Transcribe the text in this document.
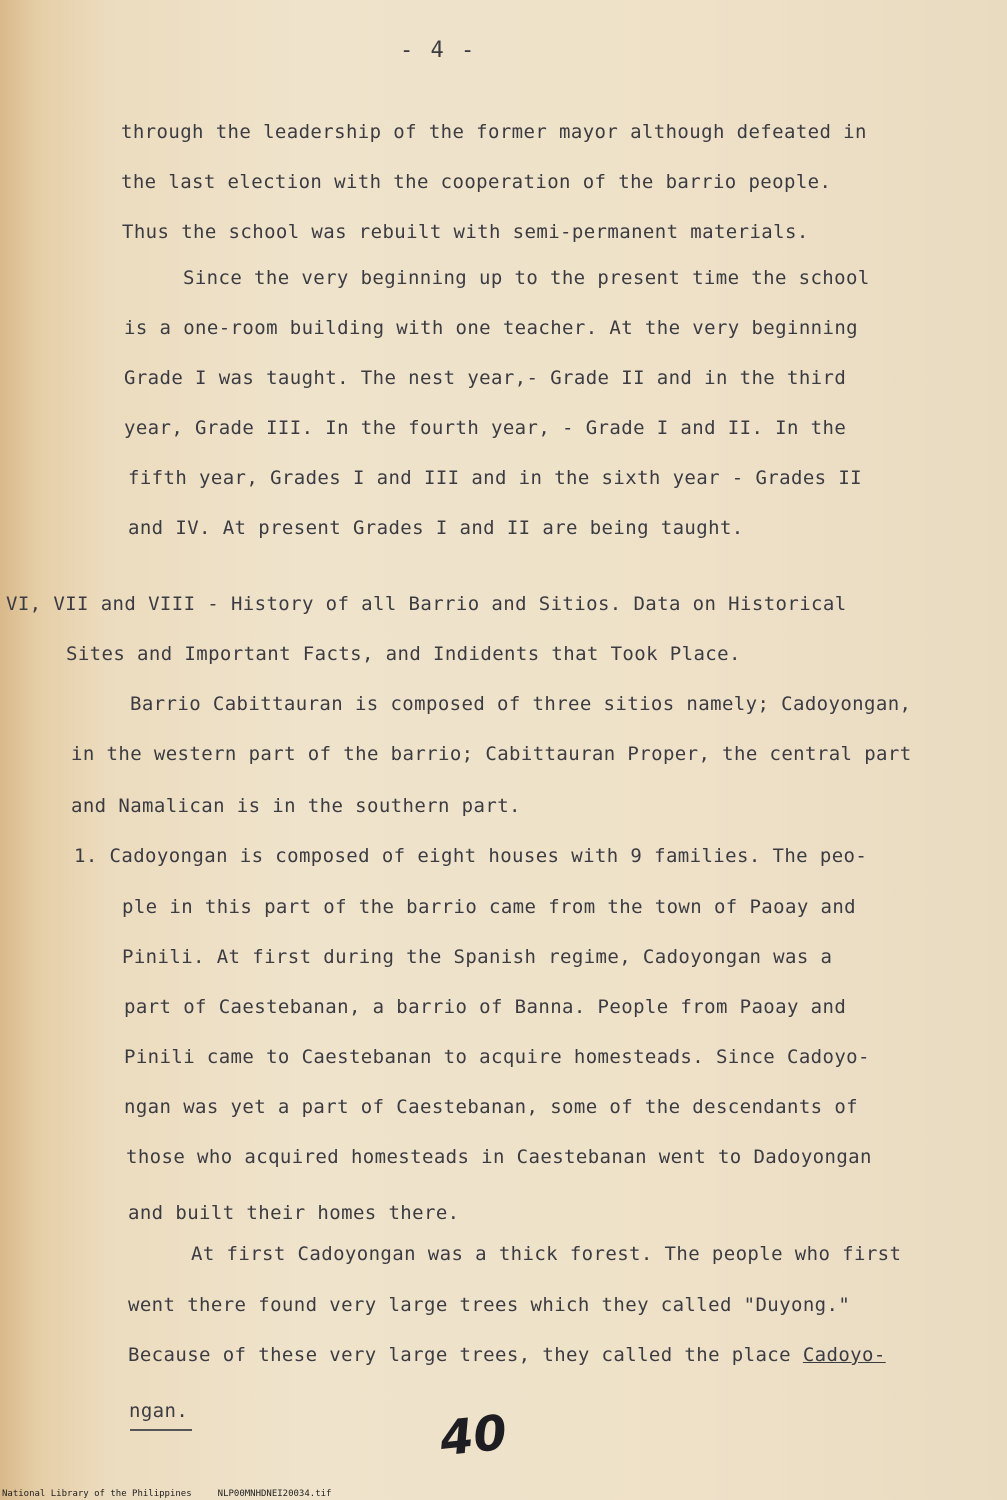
- 4 -
through the leadership of the former mayor although defeated in
the last election with the cooperation of the barrio people.
Thus the school was rebuilt with semi-permanent materials.
Since the very beginning up to the present time the school
is a one-room building with one teacher. At the very beginning
Grade I was taught. The nest year,- Grade II and in the third
year, Grade III. In the fourth year, - Grade I and II. In the
fifth year, Grades I and III and in the sixth year - Grades II
and IV. At present Grades I and II are being taught.
VI, VII and VIII - History of all Barrio and Sitios. Data on Historical
Sites and Important Facts, and Indidents that Took Place.
Barrio Cabittauran is composed of three sitios namely; Cadoyongan,
in the western part of the barrio; Cabittauran Proper, the central part
and Namalican is in the southern part.
1. Cadoyongan is composed of eight houses with 9 families. The peo-
ple in this part of the barrio came from the town of Paoay and
Pinili. At first during the Spanish regime, Cadoyongan was a
part of Caestebanan, a barrio of Banna. People from Paoay and
Pinili came to Caestebanan to acquire homesteads. Since Cadoyo-
ngan was yet a part of Caestebanan, some of the descendants of
those who acquired homesteads in Caestebanan went to Dadoyongan
and built their homes there.
At first Cadoyongan was a thick forest. The people who first
went there found very large trees which they called "Duyong."
Because of these very large trees, they called the place Cadoyo-
ngan.	40
National Library of the Philippines	NLP00MNHDNEI20034.tif
